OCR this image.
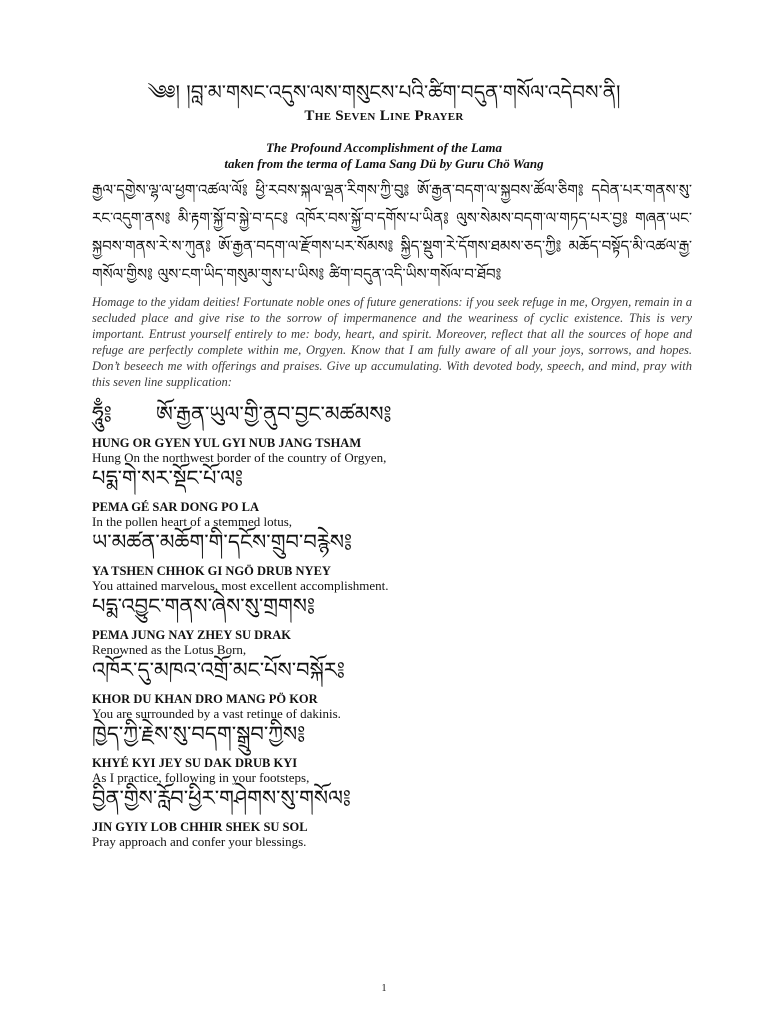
༄༅། །བླ་མ་གསང་འདུས་ལས་གསུངས་པའི་ཚིག་བདུན་གསོལ་འདེབས་ནི།
The Seven Line Prayer
The Profound Accomplishment of the Lama
taken from the terma of Lama Sang Dü by Guru Chö Wang
རྒྱལ་དགྱེས་ལྷ་ལ་ཕྱག་འཚལ་ལོ༔ ཕྱི་རབས་སྐལ་ལྡན་རིགས་ཀྱི་བུ༔ ཨོ་རྒྱན་བདག་ལ་སྐྱབས་ཚོལ་ཅིག༔ དབེན་པར་གནས་སུ་རང་འདུག་ནས༔ མི་རྟག་སྐྱོ་བ་སྐྱེ་བ་དང༔ འཁོར་བས་སྐྱོ་བ་དགོས་པ་ཡིན༔ ལུས་སེམས་བདག་ལ་གཏད་པར་བྱ༔ གཞན་ཡང་སྐྱབས་གནས་རེ་ས་ཀུན༔ ཨོ་རྒྱན་བདག་ལ་རྫོགས་པར་སོམས༔ སྐྱིད་སྡུག་རེ་དོགས་ཐམས་ཅད་ཀྱི༔ མཆོད་བསྟོད་མི་འཚལ་རྒྱ་གསོལ་གྱིས༔ ལུས་ངག་ཡིད་གསུམ་གུས་པ་ཡིས༔ ཚིག་བདུན་འདི་ཡིས་གསོལ་བ་ཐོབ༔
Homage to the yidam deities! Fortunate noble ones of future generations: if you seek refuge in me, Orgyen, remain in a secluded place and give rise to the sorrow of impermanence and the weariness of cyclic existence. This is very important. Entrust yourself entirely to me: body, heart, and spirit. Moreover, reflect that all the sources of hope and refuge are perfectly complete within me, Orgyen. Know that I am fully aware of all your joys, sorrows, and hopes. Don’t beseech me with offerings and praises. Give up accumulating. With devoted body, speech, and mind, pray with this seven line supplication:
ཧཱུྃ༔ ཨོ་རྒྱན་ཡུལ་གྱི་ནུབ་བྱང་མཚམས༔
HUNG OR GYEN YUL GYI NUB JANG TSHAM
Hung On the northwest border of the country of Orgyen,
པདྨ་གེ་སར་སྡོང་པོ་ལ༔
PEMA GÉ SAR DONG PO LA
In the pollen heart of a stemmed lotus,
ཡ་མཚན་མཆོག་གི་དངོས་གྲུབ་བརྙེས༔
YA TSHEN CHHOK GI NGÖ DRUB NYEY
You attained marvelous, most excellent accomplishment.
པདྨ་འབྱུང་གནས་ཞེས་སུ་གྲགས༔
PEMA JUNG NAY ZHEY SU DRAK
Renowned as the Lotus Born,
འཁོར་དུ་མཁའ་འགྲོ་མང་པོས་བསྐོར༔
KHOR DU KHAN DRO MANG PÖ KOR
You are surrounded by a vast retinue of dakinis.
ཁྱེད་ཀྱི་རྗེས་སུ་བདག་སྒྲུབ་ཀྱིས༔
KHYÉ KYI JEY SU DAK DRUB KYI
As I practice, following in your footsteps,
བྱིན་གྱིས་རློབ་ཕྱིར་གཤེགས་སུ་གསོལ༔
JIN GYIY LOB CHHIR SHEK SU SOL
Pray approach and confer your blessings.
1
